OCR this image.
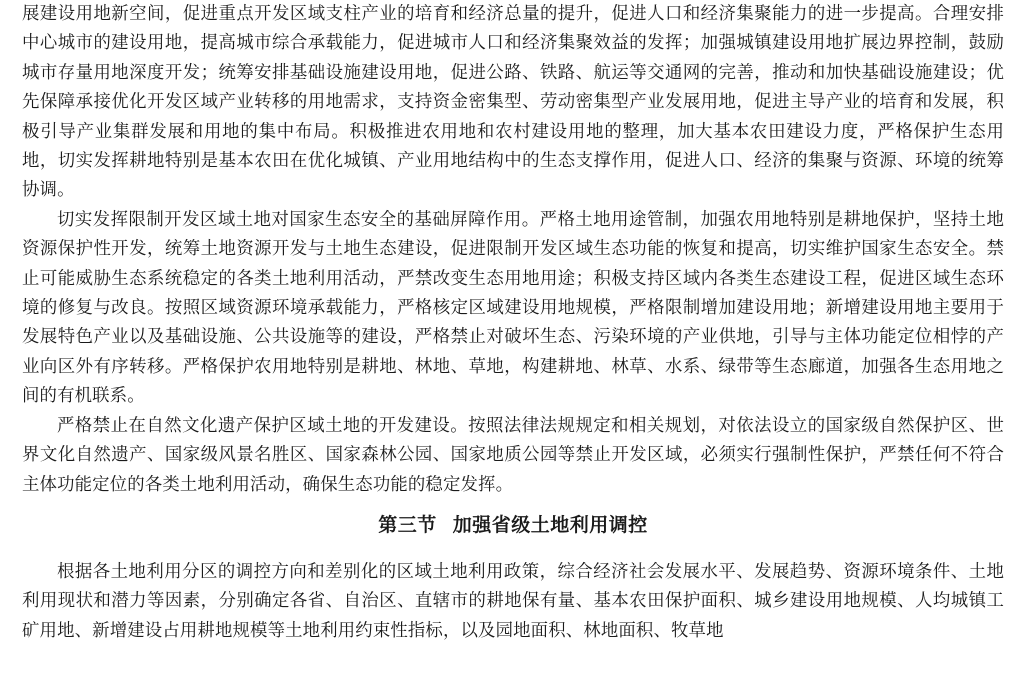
展建设用地新空间，促进重点开发区域支柱产业的培育和经济总量的提升，促进人口和经济集聚能力的进一步提高。合理安排中心城市的建设用地，提高城市综合承载能力，促进城市人口和经济集聚效益的发挥；加强城镇建设用地扩展边界控制，鼓励城市存量用地深度开发；统筹安排基础设施建设用地，促进公路、铁路、航运等交通网的完善，推动和加快基础设施建设；优先保障承接优化开发区域产业转移的用地需求，支持资金密集型、劳动密集型产业发展用地，促进主导产业的培育和发展，积极引导产业集群发展和用地的集中布局。积极推进农用地和农村建设用地的整理，加大基本农田建设力度，严格保护生态用地，切实发挥耕地特别是基本农田在优化城镇、产业用地结构中的生态支撑作用，促进人口、经济的集聚与资源、环境的统筹协调。

切实发挥限制开发区域土地对国家生态安全的基础屏障作用。严格土地用途管制，加强农用地特别是耕地保护，坚持土地资源保护性开发，统筹土地资源开发与土地生态建设，促进限制开发区域生态功能的恢复和提高，切实维护国家生态安全。禁止可能威胁生态系统稳定的各类土地利用活动，严禁改变生态用地用途；积极支持区域内各类生态建设工程，促进区域生态环境的修复与改良。按照区域资源环境承载能力，严格核定区域建设用地规模，严格限制增加建设用地；新增建设用地主要用于发展特色产业以及基础设施、公共设施等的建设，严格禁止对破坏生态、污染环境的产业供地，引导与主体功能定位相悖的产业向区外有序转移。严格保护农用地特别是耕地、林地、草地，构建耕地、林草、水系、绿带等生态廊道，加强各生态用地之间的有机联系。

严格禁止在自然文化遗产保护区域土地的开发建设。按照法律法规规定和相关规划，对依法设立的国家级自然保护区、世界文化自然遗产、国家级风景名胜区、国家森林公园、国家地质公园等禁止开发区域，必须实行强制性保护，严禁任何不符合主体功能定位的各类土地利用活动，确保生态功能的稳定发挥。

第三节 加强省级土地利用调控

根据各土地利用分区的调控方向和差别化的区域土地利用政策，综合经济社会发展水平、发展趋势、资源环境条件、土地利用现状和潜力等因素，分别确定各省、自治区、直辖市的耕地保有量、基本农田保护面积、城乡建设用地规模、人均城镇工矿用地、新增建设占用耕地规模等土地利用约束性指标，以及园地面积、林地面积、牧草地
